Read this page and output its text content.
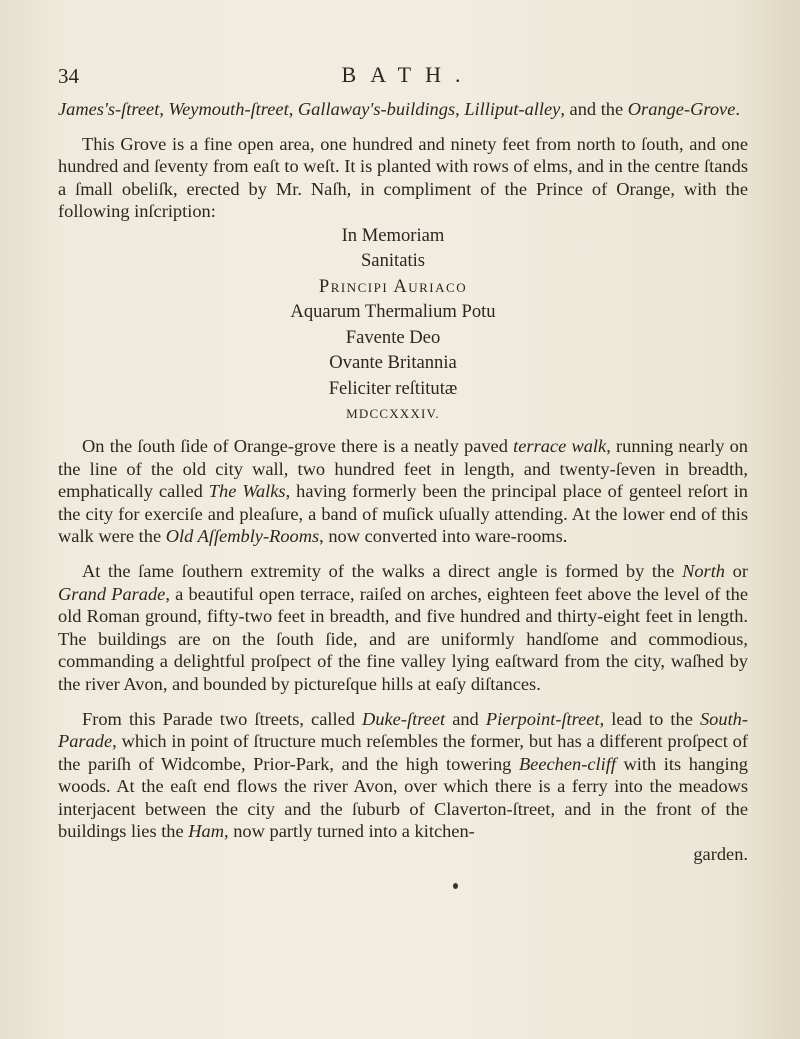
34	BATH.

James's-ſtreet, Weymouth-ſtreet, Gallaway's-buildings, Lilliput-alley, and the Orange-Grove.

This Grove is a fine open area, one hundred and ninety feet from north to ſouth, and one hundred and ſeventy from eaſt to weſt. It is planted with rows of elms, and in the centre ſtands a ſmall obeliſk, erected by Mr. Naſh, in compliment of the Prince of Orange, with the following inſcription:

In Memoriam
Sanitatis
Principi Auriaco
Aquarum Thermalium Potu
Favente Deo
Ovante Britannia
Feliciter reſtitutæ
MDCCXXXIV.

On the ſouth ſide of Orange-grove there is a neatly paved terrace walk, running nearly on the line of the old city wall, two hundred feet in length, and twenty-ſeven in breadth, emphatically called The Walks, having formerly been the principal place of genteel reſort in the city for exerciſe and pleaſure, a band of muſick uſually attending. At the lower end of this walk were the Old Aſſembly-Rooms, now converted into ware-rooms.

At the ſame ſouthern extremity of the walks a direct angle is formed by the North or Grand Parade, a beautiful open terrace, raiſed on arches, eighteen feet above the level of the old Roman ground, fifty-two feet in breadth, and five hundred and thirty-eight feet in length. The buildings are on the ſouth ſide, and are uniformly handſome and commodious, commanding a delightful proſpect of the fine valley lying eaſtward from the city, waſhed by the river Avon, and bounded by pictureſque hills at eaſy diſtances.

From this Parade two ſtreets, called Duke-ſtreet and Pierpoint-ſtreet, lead to the South-Parade, which in point of ſtructure much reſembles the former, but has a different proſpect of the pariſh of Widcombe, Prior-Park, and the high towering Beechen-cliff with its hanging woods. At the eaſt end flows the river Avon, over which there is a ferry into the meadows interjacent between the city and the ſuburb of Claverton-ſtreet, and in the front of the buildings lies the Ham, now partly turned into a kitchen-

garden.
